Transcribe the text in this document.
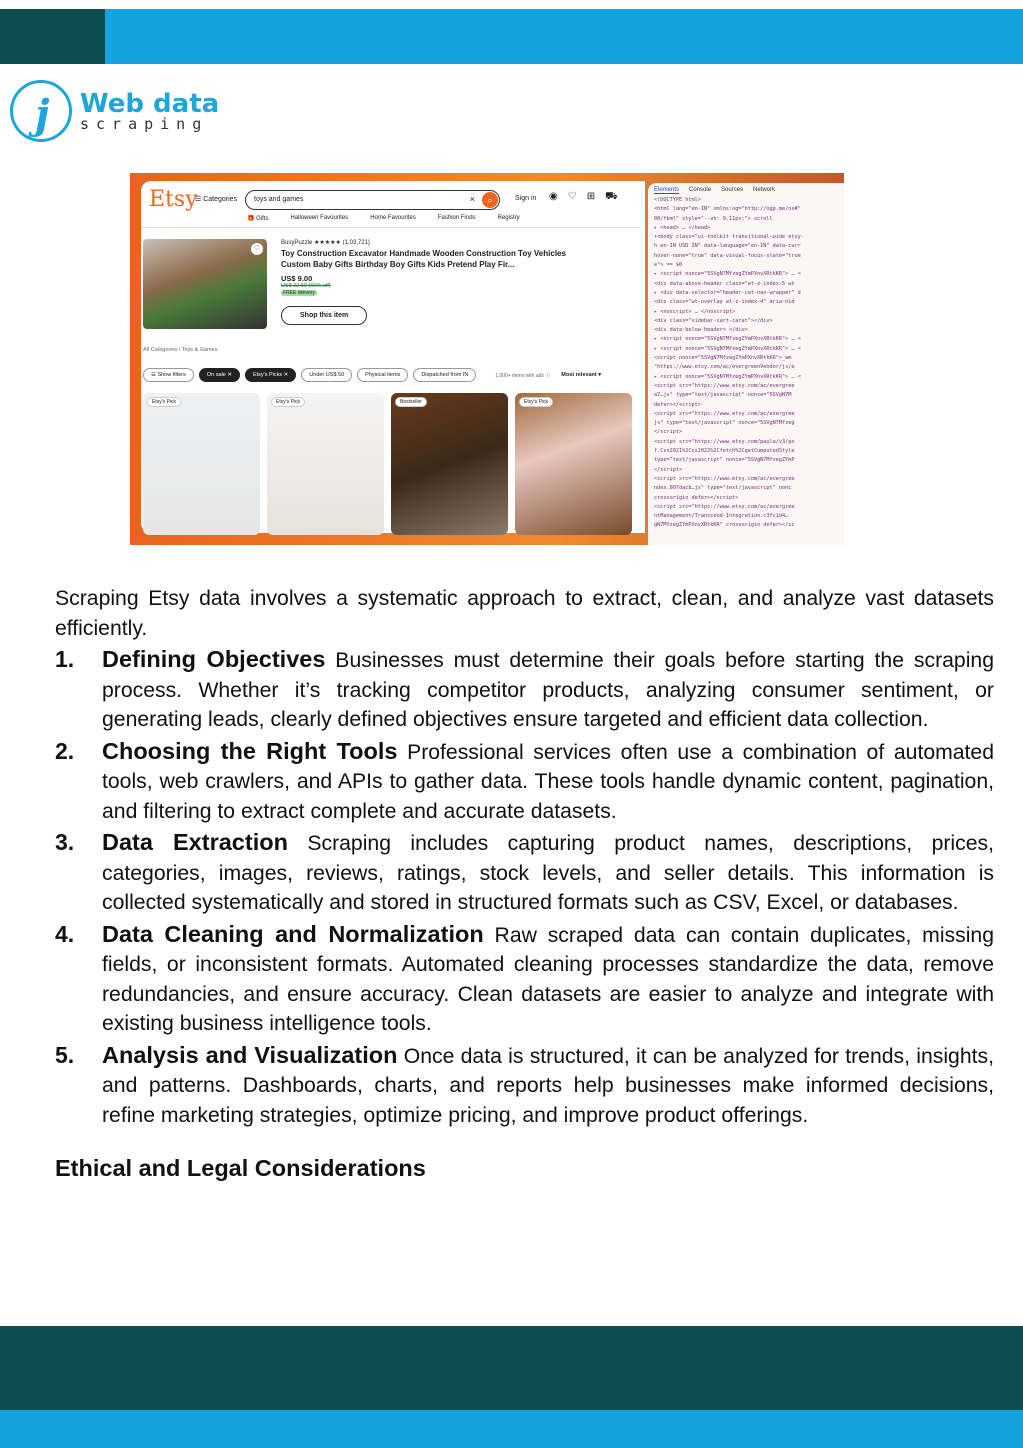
j Web data
scraping
Etsy
☰ Categories	toys and games	×	⌕	Sign in ◉ ♡ ⊞ ⛟
🎁 Gifts	Halloween Favourites	Home Favourites	Fashion Finds	Registry
♡
BusyPuzzle ★★★★★ (1,03,721)
Toy Construction Excavator Handmade Wooden Construction Toy Vehicles Custom Baby Gifts Birthday Boy Gifts Kids Pretend Play Fir...
US$ 9.00
US$ 22.50 (60% off)
FREE delivery
Shop this item
All Categories / Toys & Games
☰ Show filters	On sale ✕	Etsy's Picks ✕	Under US$ 50	Physical items	Dispatched from IN	1,000+ items with ads ⓘ Most relevant ▾
Etsy's Pick	Etsy's Pick	Bestseller	Etsy's Pick
Elements Console Sources Network
<!DOCTYPE html>
<html lang="en-IN" xmlns:og="http://ogp.me/ns#"
00/fbml" style="--vh: 9.11px;"> scroll
▸ <head> … </head>
▾<body class="ui-toolkit transitional-wide etsy-
h en-IN USD IN" data-language="en-IN" data-curr
hover-none="true" data-visual-focus-state="true
e"> == $0
▸ <script nonce="5SVgN7MfzegZYmPXnvXRtkKR"> … <
<div data-above-header class="wt-z-index-5 wt
▸ <div data-selector="header-cat-nav-wrapper" d
<div class="wt-overlay wt-z-index-4" aria-hid
▸ <noscript> … </noscript>
<div class="sidebar-cart-carat"></div>
<div data-below-header> </div>
▸ <script nonce="5SVgN7MfzegZYmPXnvXRtkKR"> … <
▸ <script nonce="5SVgN7MfzegZYmPXnvXRtkKR"> … <
<script nonce="5SVgN7MfzegZYmPXnvXRtkKR">_wm
"https://www.etsy.com/ac/evergreenVendor/js/e
▸ <script nonce="5SVgN7MfzegZYmPXnvXRtkKR"> … <
<script src="https://www.etsy.com/ac/evergree
a7…js" type="text/javascript" nonce="5SVgN7M
defer></script>
<script src="https://www.etsy.com/ac/evergree
js" type="text/javascript" nonce="5SVgN7Mfzeg
</script>
<script src="https://www.etsy.com/paula/v3/po
f.Css2021%2Css2022%2Cfetch%2CgetComputedStyle
type="text/javascript" nonce="5SVgN7MfzegZYmP
</script>
<script src="https://www.etsy.com/ac/evergree
ndex.007dacb…js" type="text/javascript" nonc
crossorigin defer></script>
<script src="https://www.etsy.com/ac/evergree
ntManagement/Transcend-Integration.c3fc1d4…
gN7MfzegZYmPXnvXRtkKR" crossorigin defer></sc

Scraping Etsy data involves a systematic approach to extract, clean, and analyze vast datasets efficiently.

1. Defining Objectives Businesses must determine their goals before starting the scraping process. Whether it’s tracking competitor products, analyzing consumer sentiment, or generating leads, clearly defined objectives ensure targeted and efficient data collection.
2. Choosing the Right Tools Professional services often use a combination of automated tools, web crawlers, and APIs to gather data. These tools handle dynamic content, pagination, and filtering to extract complete and accurate datasets.
3. Data Extraction Scraping includes capturing product names, descriptions, prices, categories, images, reviews, ratings, stock levels, and seller details. This information is collected systematically and stored in structured formats such as CSV, Excel, or databases.
4. Data Cleaning and Normalization Raw scraped data can contain duplicates, missing fields, or inconsistent formats. Automated cleaning processes standardize the data, remove redundancies, and ensure accuracy. Clean datasets are easier to analyze and integrate with existing business intelligence tools.
5. Analysis and Visualization Once data is structured, it can be analyzed for trends, insights, and patterns. Dashboards, charts, and reports help businesses make informed decisions, refine marketing strategies, optimize pricing, and improve product offerings.
Ethical and Legal Considerations
